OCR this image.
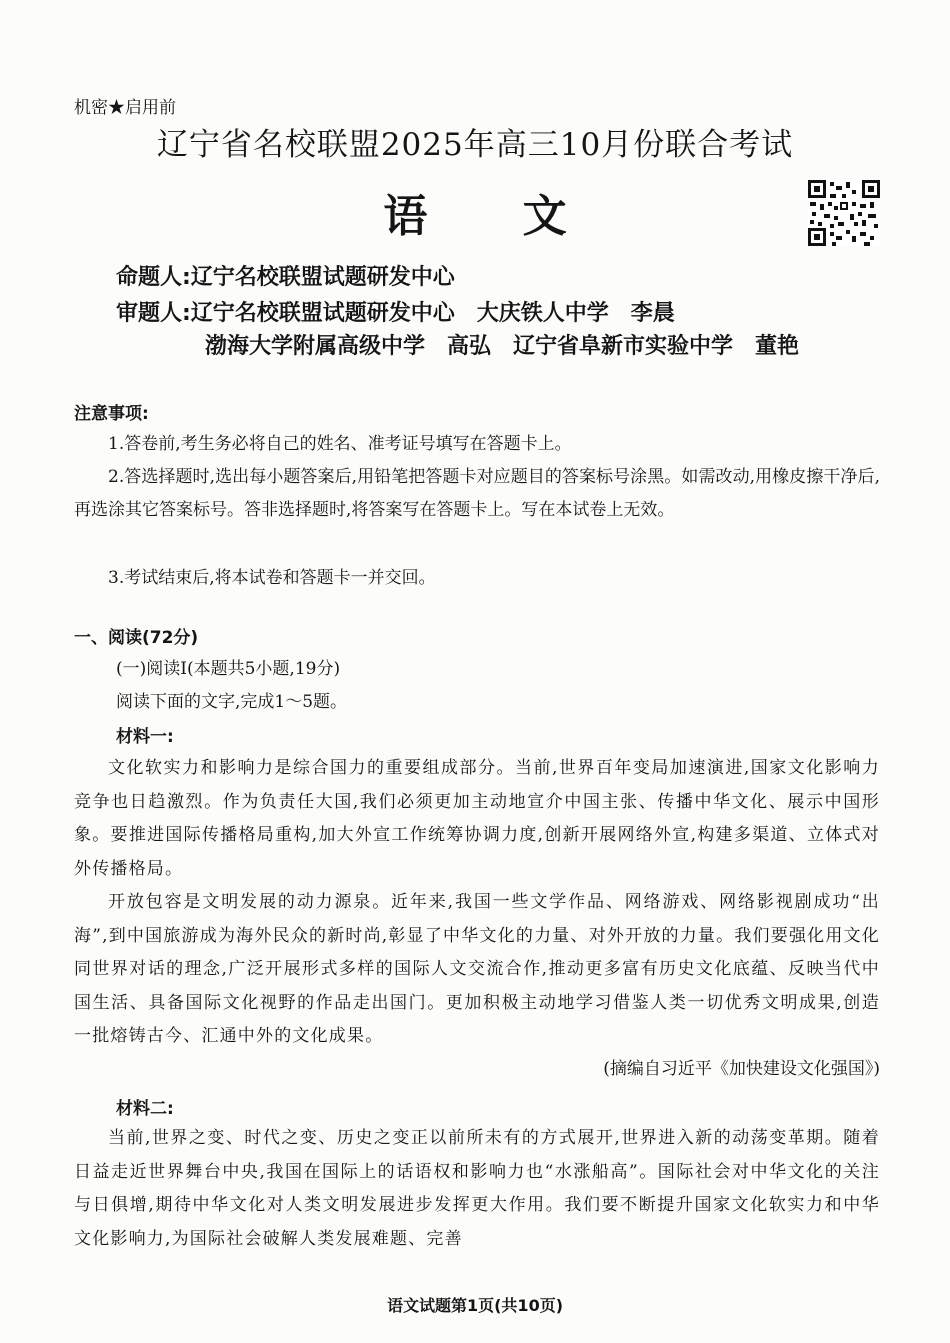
机密★启用前
辽宁省名校联盟2025年高三10月份联合考试
语 文
命题人:辽宁名校联盟试题研发中心
审题人:辽宁名校联盟试题研发中心　大庆铁人中学　李晨
渤海大学附属高级中学　高弘　辽宁省阜新市实验中学　董艳
注意事项:
1.答卷前,考生务必将自己的姓名、准考证号填写在答题卡上。
2.答选择题时,选出每小题答案后,用铅笔把答题卡对应题目的答案标号涂黑。如需改动,用橡皮擦干净后,再选涂其它答案标号。答非选择题时,将答案写在答题卡上。写在本试卷上无效。
3.考试结束后,将本试卷和答题卡一并交回。
一、阅读(72分)
(一)阅读Ⅰ(本题共5小题,19分)
阅读下面的文字,完成1～5题。
材料一:
文化软实力和影响力是综合国力的重要组成部分。当前,世界百年变局加速演进,国家文化影响力竞争也日趋激烈。作为负责任大国,我们必须更加主动地宣介中国主张、传播中华文化、展示中国形象。要推进国际传播格局重构,加大外宣工作统筹协调力度,创新开展网络外宣,构建多渠道、立体式对外传播格局。
开放包容是文明发展的动力源泉。近年来,我国一些文学作品、网络游戏、网络影视剧成功“出海”,到中国旅游成为海外民众的新时尚,彰显了中华文化的力量、对外开放的力量。我们要强化用文化同世界对话的理念,广泛开展形式多样的国际人文交流合作,推动更多富有历史文化底蕴、反映当代中国生活、具备国际文化视野的作品走出国门。更加积极主动地学习借鉴人类一切优秀文明成果,创造一批熔铸古今、汇通中外的文化成果。
(摘编自习近平《加快建设文化强国》)
材料二:
当前,世界之变、时代之变、历史之变正以前所未有的方式展开,世界进入新的动荡变革期。随着日益走近世界舞台中央,我国在国际上的话语权和影响力也“水涨船高”。国际社会对中华文化的关注与日俱增,期待中华文化对人类文明发展进步发挥更大作用。我们要不断提升国家文化软实力和中华文化影响力,为国际社会破解人类发展难题、完善
语文试题第1页(共10页)
